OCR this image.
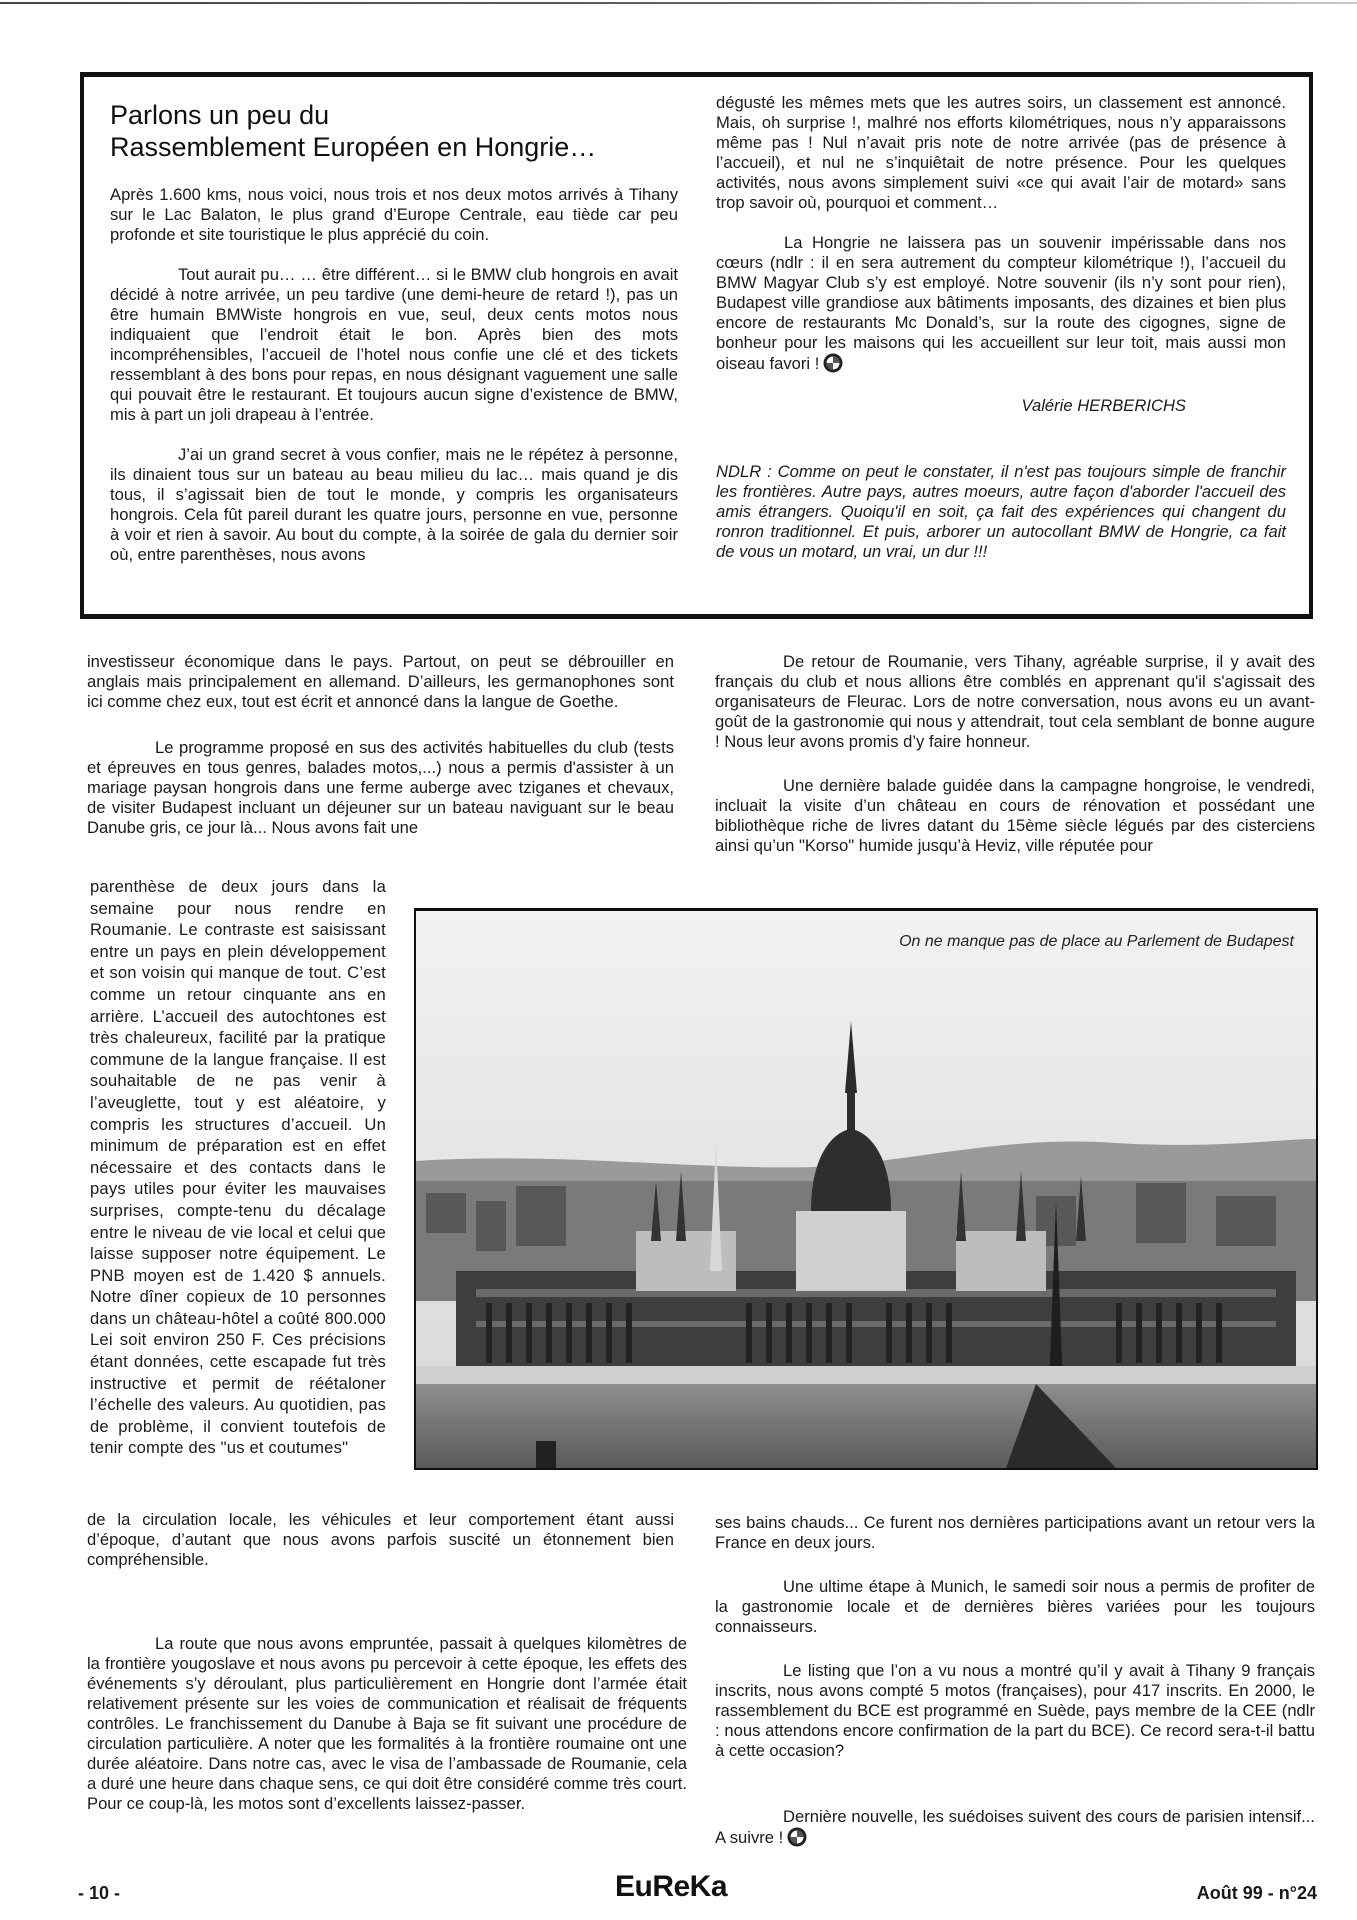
Parlons un peu du
Rassemblement Européen en Hongrie…

Après 1.600 kms, nous voici, nous trois et nos deux motos arrivés à Tihany sur le Lac Balaton, le plus grand d’Europe Centrale, eau tiède car peu profonde et site touristique le plus apprécié du coin.

Tout aurait pu… … être différent… si le BMW club hongrois en avait décidé à notre arrivée, un peu tardive (une demi-heure de retard !), pas un être humain BMWiste hongrois en vue, seul, deux cents motos nous indiquaient que l’endroit était le bon. Après bien des mots incompréhensibles, l’accueil de l’hotel nous confie une clé et des tickets ressemblant à des bons pour repas, en nous désignant vaguement une salle qui pouvait être le restaurant. Et toujours aucun signe d’existence de BMW, mis à part un joli drapeau à l’entrée.

J’ai un grand secret à vous confier, mais ne le répétez à personne, ils dinaient tous sur un bateau au beau milieu du lac… mais quand je dis tous, il s’agissait bien de tout le monde, y compris les organisateurs hongrois. Cela fût pareil durant les quatre jours, personne en vue, personne à voir et rien à savoir. Au bout du compte, à la soirée de gala du dernier soir où, entre parenthèses, nous avons

dégusté les mêmes mets que les autres soirs, un classement est annoncé. Mais, oh surprise !, malhré nos efforts kilométriques, nous n’y apparaissons même pas ! Nul n’avait pris note de notre arrivée (pas de présence à l’accueil), et nul ne s’inquiêtait de notre présence. Pour les quelques activités, nous avons simplement suivi «ce qui avait l’air de motard» sans trop savoir où, pourquoi et comment…

La Hongrie ne laissera pas un souvenir impérissable dans nos cœurs (ndlr : il en sera autrement du compteur kilométrique !), l’accueil du BMW Magyar Club s’y est employé. Notre souvenir (ils n’y sont pour rien), Budapest ville grandiose aux bâtiments imposants, des dizaines et bien plus encore de restaurants Mc Donald’s, sur la route des cigognes, signe de bonheur pour les maisons qui les accueillent sur leur toit, mais aussi mon oiseau favori !

Valérie HERBERICHS

NDLR : Comme on peut le constater, il n'est pas toujours simple de franchir les frontières. Autre pays, autres moeurs, autre façon d'aborder l'accueil des amis étrangers. Quoiqu'il en soit, ça fait des expériences qui changent du ronron traditionnel. Et puis, arborer un autocollant BMW de Hongrie, ca fait de vous un motard, un vrai, un dur !!!

investisseur économique dans le pays. Partout, on peut se débrouiller en anglais mais principalement en allemand. D’ailleurs, les germanophones sont ici comme chez eux, tout est écrit et annoncé dans la langue de Goethe.

Le programme proposé en sus des activités habituelles du club (tests et épreuves en tous genres, balades motos,...) nous a permis d'assister à un mariage paysan hongrois dans une ferme auberge avec tziganes et chevaux, de visiter Budapest incluant un déjeuner sur un bateau naviguant sur le beau Danube gris, ce jour là... Nous avons fait une

parenthèse de deux jours dans la semaine pour nous rendre en Roumanie. Le contraste est saisissant entre un pays en plein développement et son voisin qui manque de tout. C’est comme un retour cinquante ans en arrière. L’accueil des autochtones est très chaleureux, facilité par la pratique commune de la langue française. Il est souhaitable de ne pas venir à l’aveuglette, tout y est aléatoire, y compris les structures d’accueil. Un minimum de préparation est en effet nécessaire et des contacts dans le pays utiles pour éviter les mauvaises surprises, compte-tenu du décalage entre le niveau de vie local et celui que laisse supposer notre équipement. Le PNB moyen est de 1.420 $ annuels. Notre dîner copieux de 10 personnes dans un château-hôtel a coûté 800.000 Lei soit environ 250 F. Ces précisions étant données, cette escapade fut très instructive et permit de réétaloner l’échelle des valeurs. Au quotidien, pas de problème, il convient toutefois de tenir compte des "us et coutumes"

de la circulation locale, les véhicules et leur comportement étant aussi d’époque, d’autant que nous avons parfois suscité un étonnement bien compréhensible.

La route que nous avons empruntée, passait à quelques kilomètres de la frontière yougoslave et nous avons pu percevoir à cette époque, les effets des événements s’y déroulant, plus particulièrement en Hongrie dont l’armée était relativement présente sur les voies de communication et réalisait de fréquents contrôles. Le franchissement du Danube à Baja se fit suivant une procédure de circulation particulière. A noter que les formalités à la frontière roumaine ont une durée aléatoire. Dans notre cas, avec le visa de l’ambassade de Roumanie, cela a duré une heure dans chaque sens, ce qui doit être considéré comme très court. Pour ce coup-là, les motos sont d’excellents laissez-passer.

De retour de Roumanie, vers Tihany, agréable surprise, il y avait des français du club et nous allions être comblés en apprenant qu'il s'agissait des organisateurs de Fleurac. Lors de notre conversation, nous avons eu un avant-goût de la gastronomie qui nous y attendrait, tout cela semblant de bonne augure ! Nous leur avons promis d’y faire honneur.

Une dernière balade guidée dans la campagne hongroise, le vendredi, incluait la visite d’un château en cours de rénovation et possédant une bibliothèque riche de livres datant du 15ème siècle légués par des cisterciens ainsi qu’un "Korso" humide jusqu’à Heviz, ville réputée pour

ses bains chauds... Ce furent nos dernières participations avant un retour vers la France en deux jours.

Une ultime étape à Munich, le samedi soir nous a permis de profiter de la gastronomie locale et de dernières bières variées pour les toujours connaisseurs.

Le listing que l’on a vu nous a montré qu’il y avait à Tihany 9 français inscrits, nous avons compté 5 motos (françaises), pour 417 inscrits. En 2000, le rassemblement du BCE est programmé en Suède, pays membre de la CEE (ndlr : nous attendons encore confirmation de la part du BCE). Ce record sera-t-il battu à cette occasion?

Dernière nouvelle, les suédoises suivent des cours de parisien intensif... A suivre !

On ne manque pas de place au Parlement de Budapest
- 10 -	EuReKa	Août 99 - n°24
